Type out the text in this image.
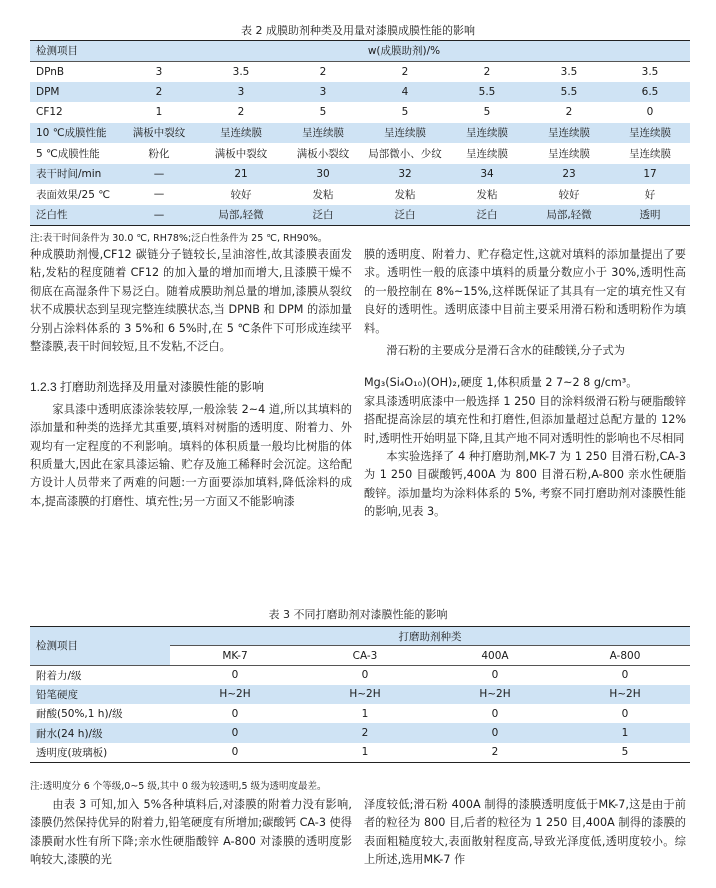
表 2 成膜助剂种类及用量对漆膜成膜性能的影响
检测项目	w(成膜助剂)/%						
DPnB	3	3.5	2	2	2	3.5	3.5
DPM	2	3	3	4	5.5	5.5	6.5
CF12	1	2	5	5	5	2	0
10 ℃成膜性能	满板中裂纹	呈连续膜	呈连续膜	呈连续膜	呈连续膜	呈连续膜	呈连续膜
5 ℃成膜性能	粉化	满板中裂纹	满板小裂纹	局部微小、少纹	呈连续膜	呈连续膜	呈连续膜
表干时间/min	—	21	30	32	34	23	17
表面效果/25 ℃	—	较好	发粘	发粘	发粘	较好	好
泛白性	—	局部,轻微	泛白	泛白	泛白	局部,轻微	透明
注:表干时间条件为 30.0 ℃, RH78%;泛白性条件为 25 ℃, RH90%。

种成膜助剂慢,CF12 碳链分子链较长,呈油溶性,故其漆膜表面发粘,发粘的程度随着 CF12 的加入量的增加而增大,且漆膜干燥不彻底在高湿条件下易泛白。随着成膜助剂总量的增加,漆膜从裂纹状不成膜状态到呈现完整连续膜状态,当 DPNB 和 DPM 的添加量分别占涂料体系的 3 5%和 6 5%时,在 5 ℃条件下可形成连续平整漆膜,表干时间较短,且不发粘,不泛白。

1.2.3 打磨助剂选择及用量对漆膜性能的影响

家具漆中透明底漆涂装较厚,一般涂装 2~4 道,所以其填料的添加量和种类的选择尤其重要,填料对树脂的透明度、附着力、外观均有一定程度的不利影响。填料的体积质量一般均比树脂的体积质量大,因此在家具漆运输、贮存及施工稀释时会沉淀。这给配方设计人员带来了两难的问题:一方面要添加填料,降低涂料的成本,提高漆膜的打磨性、填充性;另一方面又不能影响漆

膜的透明度、附着力、贮存稳定性,这就对填料的添加量提出了要求。透明性一般的底漆中填料的质量分数应小于 30%,透明性高的一般控制在 8%~15%,这样既保证了其具有一定的填充性又有良好的透明性。透明底漆中目前主要采用滑石粉和透明粉作为填料。

滑石粉的主要成分是滑石含水的硅酸镁,分子式为

Mg₃(Si₄O₁₀)(OH)₂,硬度 1,体积质量 2 7~2 8 g/cm³。

家具漆透明底漆中一般选择 1 250 目的涂料级滑石粉与硬脂酸锌搭配提高涂层的填充性和打磨性,但添加量超过总配方量的 12%时,透明性开始明显下降,且其产地不同对透明性的影响也不尽相同

本实验选择了 4 种打磨助剂,MK-7 为 1 250 目滑石粉,CA-3 为 1 250 目碳酸钙,400A 为 800 目滑石粉,A-800 亲水性硬脂酸锌。添加量均为涂料体系的 5%, 考察不同打磨助剂对漆膜性能的影响,见表 3。

表 3 不同打磨助剂对漆膜性能的影响
检测项目	打磨助剂种类			
	MK-7	CA-3	400A	A-800
附着力/级	0	0	0	0
铅笔硬度	H~2H	H~2H	H~2H	H~2H
耐酸(50%,1 h)/级	0	1	0	0
耐水(24 h)/级	0	2	0	1
透明度(玻璃板)	0	1	2	5
注:透明度分 6 个等级,0~5 级,其中 0 级为较透明,5 级为透明度最差。
由表 3 可知,加入 5%各种填料后,对漆膜的附着力没有影响,漆膜仍然保持优异的附着力,铅笔硬度有所增加;碳酸钙 CA-3 使得漆膜耐水性有所下降;亲水性硬脂酸锌 A-800 对漆膜的透明度影响较大,漆膜的光
泽度较低;滑石粉 400A 制得的漆膜透明度低于MK-7,这是由于前者的粒径为 800 目,后者的粒径为 1 250 目,400A 制得的漆膜的表面粗糙度较大,表面散射程度高,导致光泽度低,透明度较小。综上所述,选用MK-7 作
